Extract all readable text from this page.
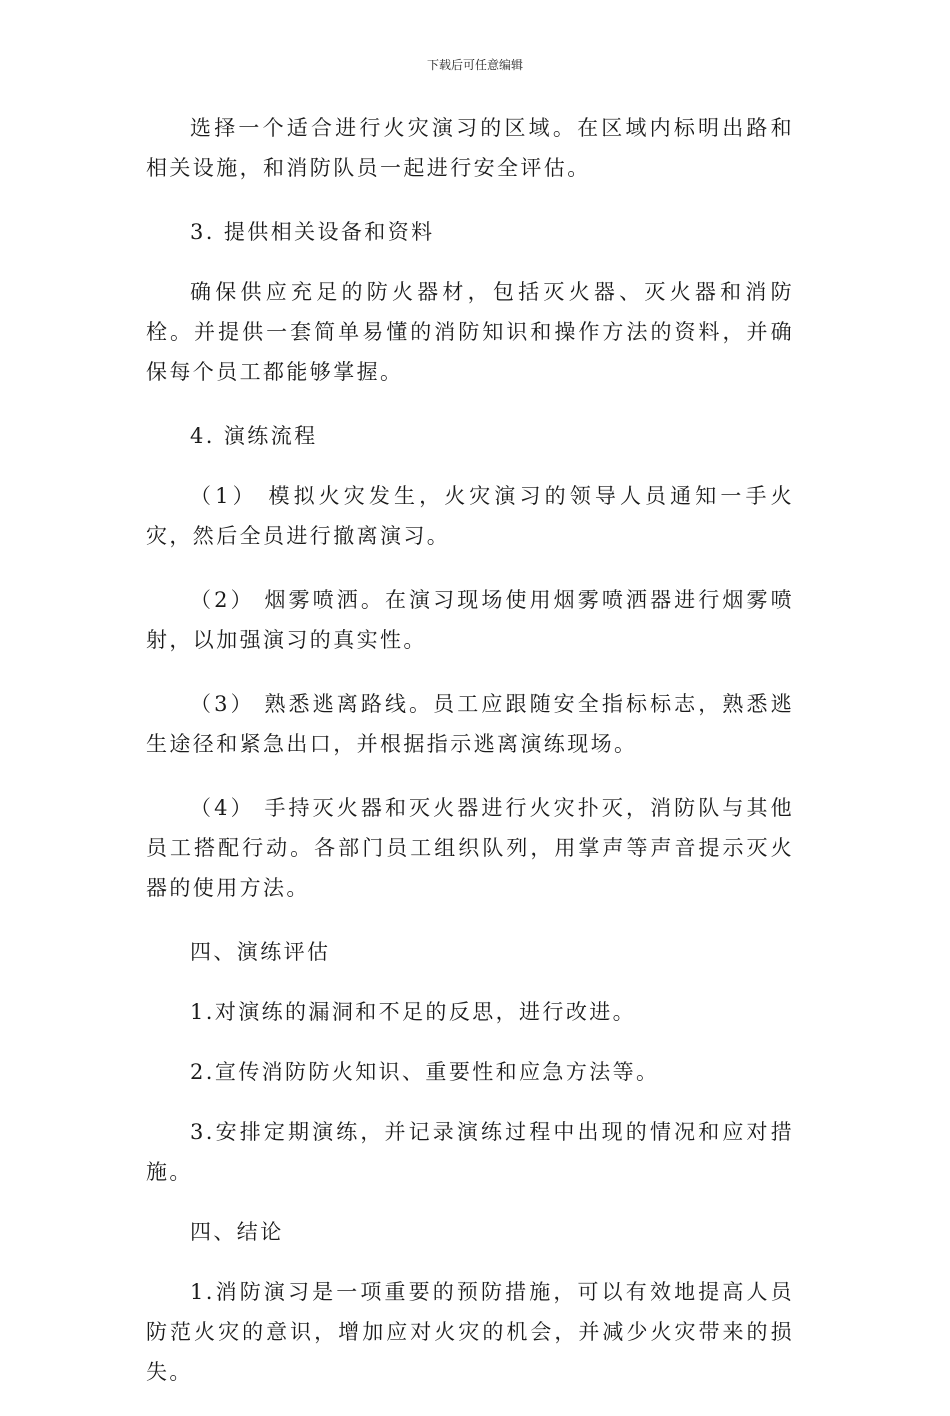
下载后可任意编辑

选择一个适合进行火灾演习的区域。在区域内标明出路和相关设施，和消防队员一起进行安全评估。

3. 提供相关设备和资料

确保供应充足的防火器材，包括灭火器、灭火器和消防栓。并提供一套简单易懂的消防知识和操作方法的资料，并确保每个员工都能够掌握。

4. 演练流程

（1） 模拟火灾发生，火灾演习的领导人员通知一手火灾，然后全员进行撤离演习。

（2） 烟雾喷洒。在演习现场使用烟雾喷洒器进行烟雾喷射，以加强演习的真实性。

（3） 熟悉逃离路线。员工应跟随安全指标标志，熟悉逃生途径和紧急出口，并根据指示逃离演练现场。

（4） 手持灭火器和灭火器进行火灾扑灭，消防队与其他员工搭配行动。各部门员工组织队列，用掌声等声音提示灭火器的使用方法。

四、演练评估

1.对演练的漏洞和不足的反思，进行改进。

2.宣传消防防火知识、重要性和应急方法等。

3.安排定期演练，并记录演练过程中出现的情况和应对措施。

四、结论

1.消防演习是一项重要的预防措施，可以有效地提高人员防范火灾的意识，增加应对火灾的机会，并减少火灾带来的损失。
